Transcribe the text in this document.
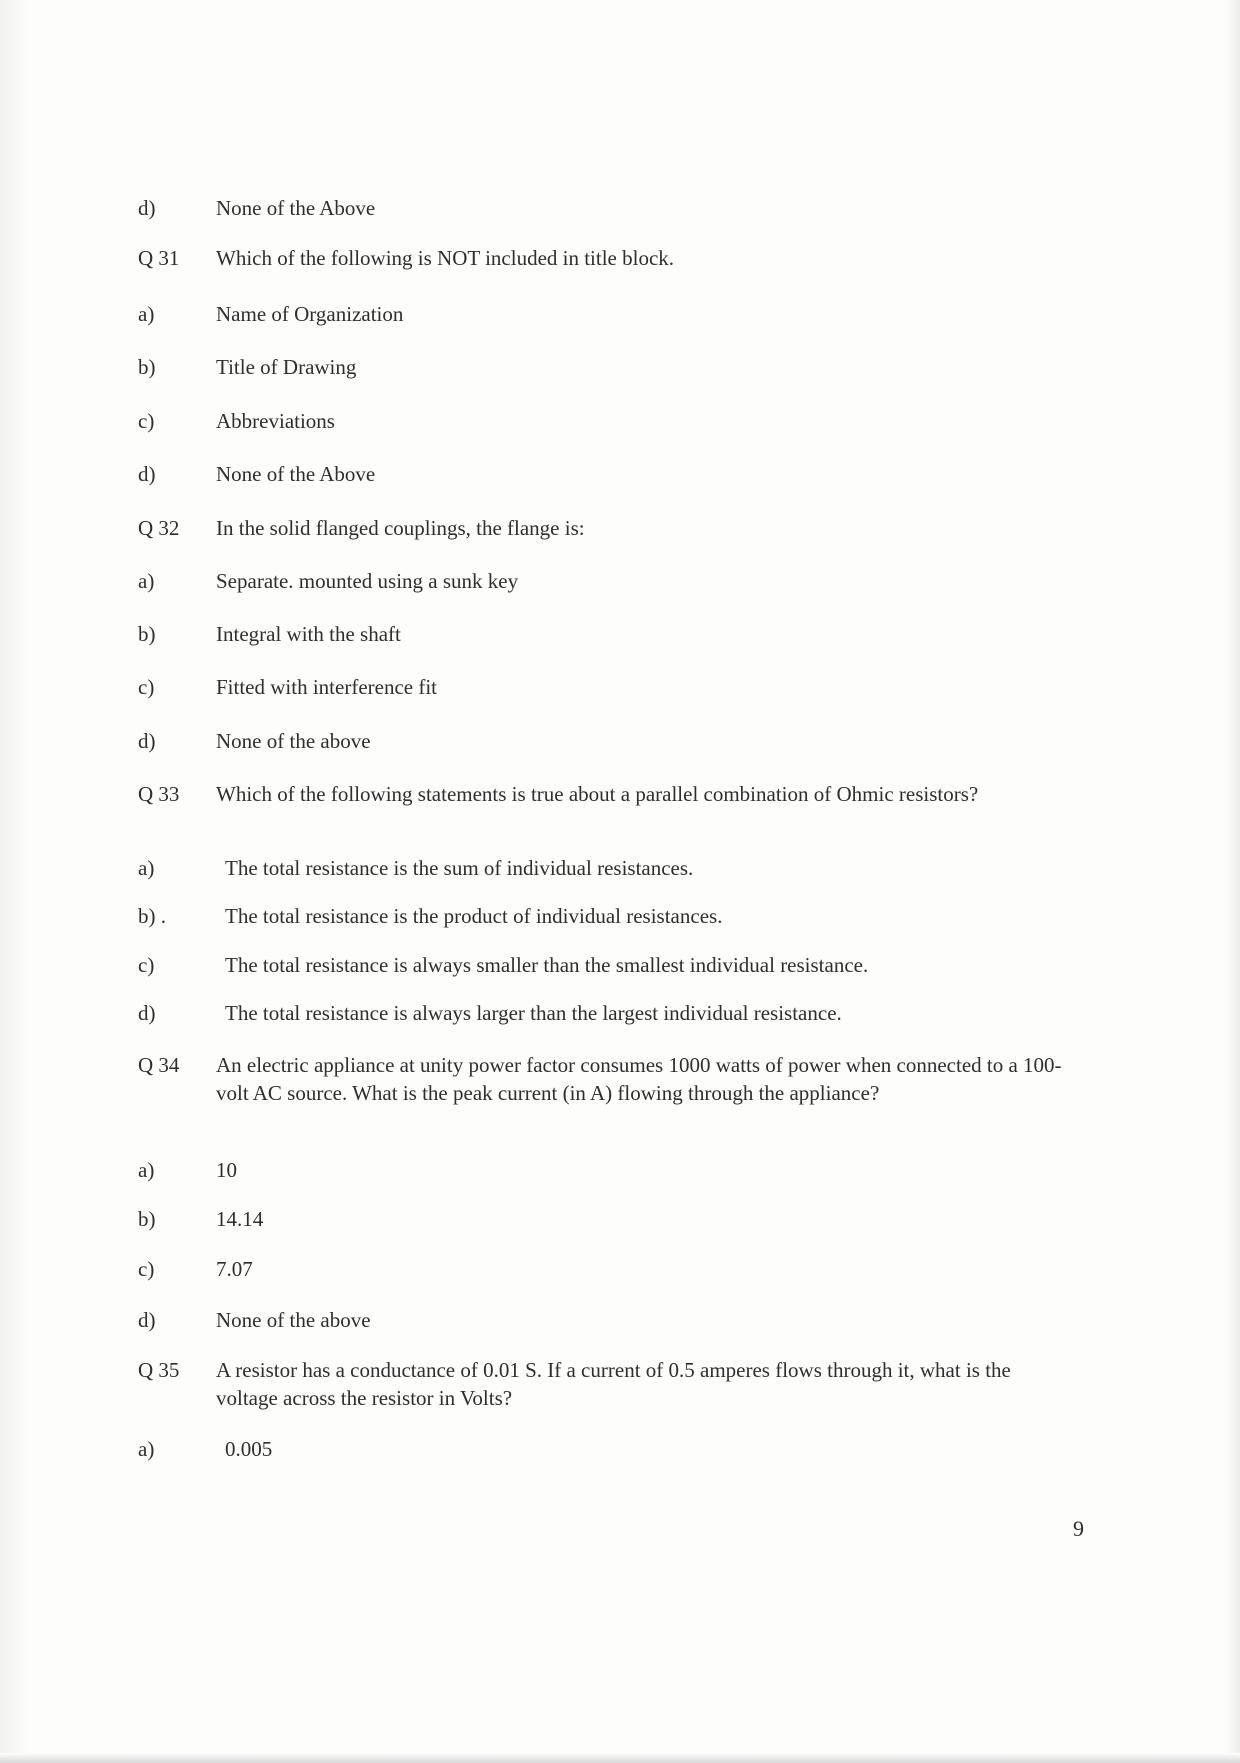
d)	None of the Above
Q 31	Which of the following is NOT included in title block.
a)	Name of Organization
b)	Title of Drawing
c)	Abbreviations
d)	None of the Above
Q 32	In the solid flanged couplings, the flange is:
a)	Separate. mounted using a sunk key
b)	Integral with the shaft
c)	Fitted with interference fit
d)	None of the above
Q 33	Which of the following statements is true about a parallel combination of Ohmic resistors?
a)	The total resistance is the sum of individual resistances.
b) .	The total resistance is the product of individual resistances.
c)	The total resistance is always smaller than the smallest individual resistance.
d)	The total resistance is always larger than the largest individual resistance.
Q 34	An electric appliance at unity power factor consumes 1000 watts of power when connected to a 100-volt AC source. What is the peak current (in A) flowing through the appliance?
a)	10
b)	14.14
c)	7.07
d)	None of the above
Q 35	A resistor has a conductance of 0.01 S. If a current of 0.5 amperes flows through it, what is the voltage across the resistor in Volts?
a)	0.005
9
